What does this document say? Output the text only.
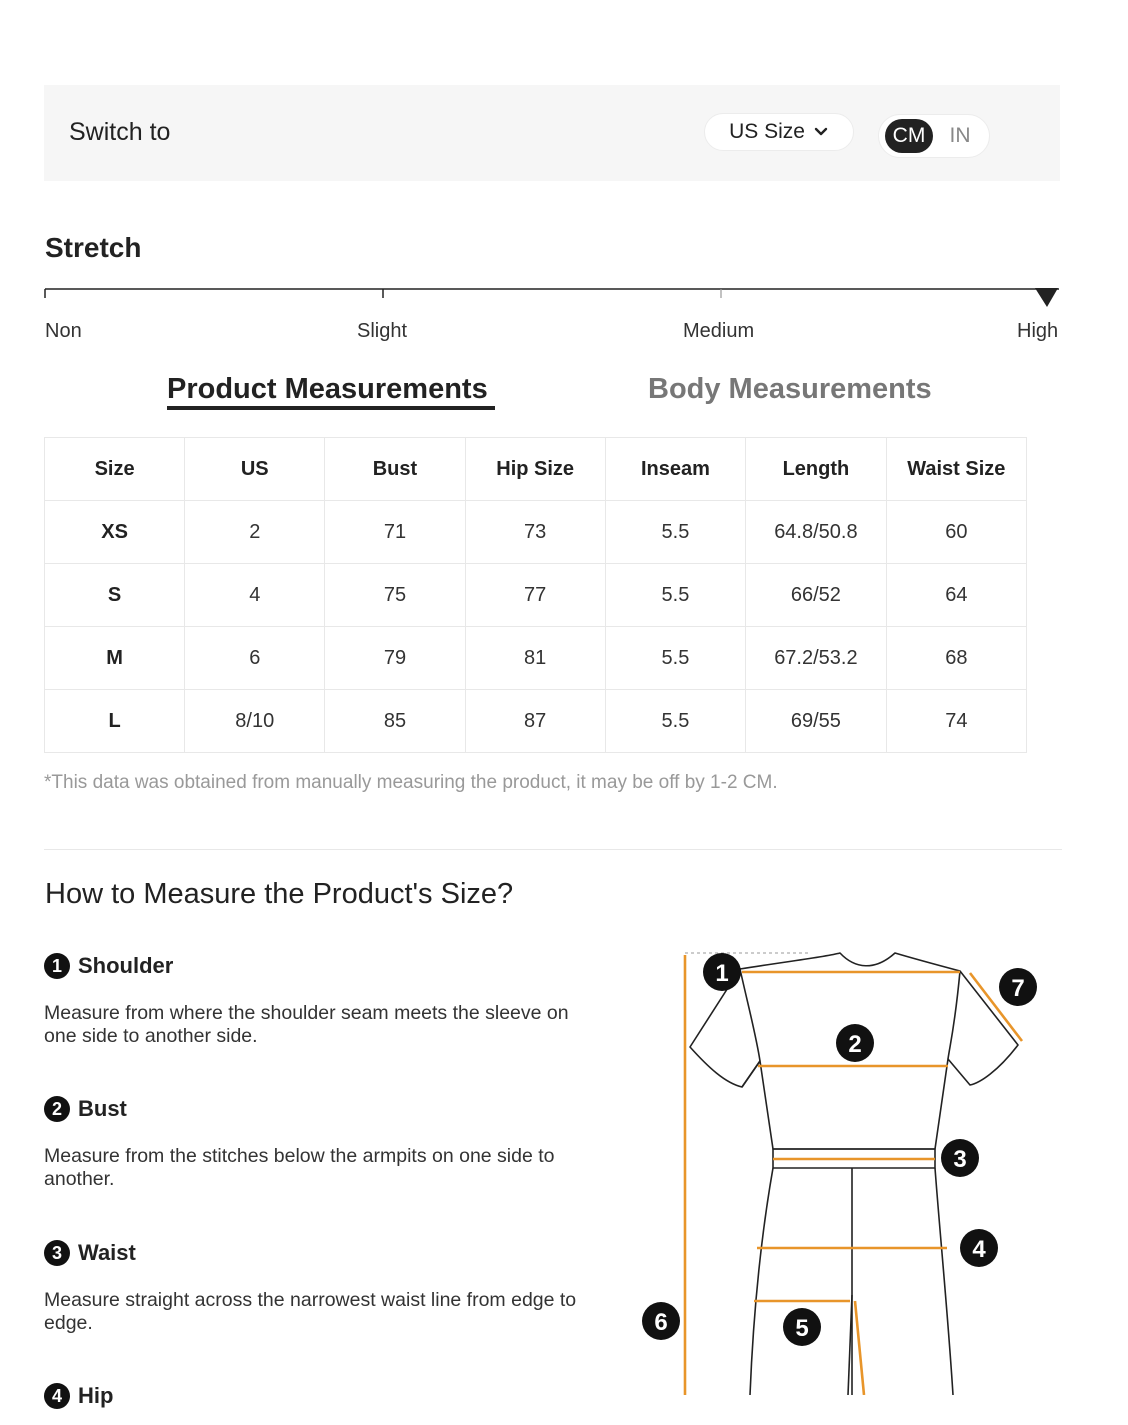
Switch to	US Size	CM	IN
Stretch
Non	Slight	Medium	High
Product Measurements	Body Measurements
Size	US	Bust	Hip Size	Inseam	Length	Waist Size
XS	2	71	73	5.5	64.8/50.8	60
S	4	75	77	5.5	66/52	64
M	6	79	81	5.5	67.2/53.2	68
L	8/10	85	87	5.5	69/55	74
*This data was obtained from manually measuring the product, it may be off by 1-2 CM.
How to Measure the Product's Size?
1 Shoulder
Measure from where the shoulder seam meets the sleeve on one side to another side.
2 Bust
Measure from the stitches below the armpits on one side to another.
3 Waist
Measure straight across the narrowest waist line from edge to edge.
4 Hip
1
2
3
4
5
6
7
